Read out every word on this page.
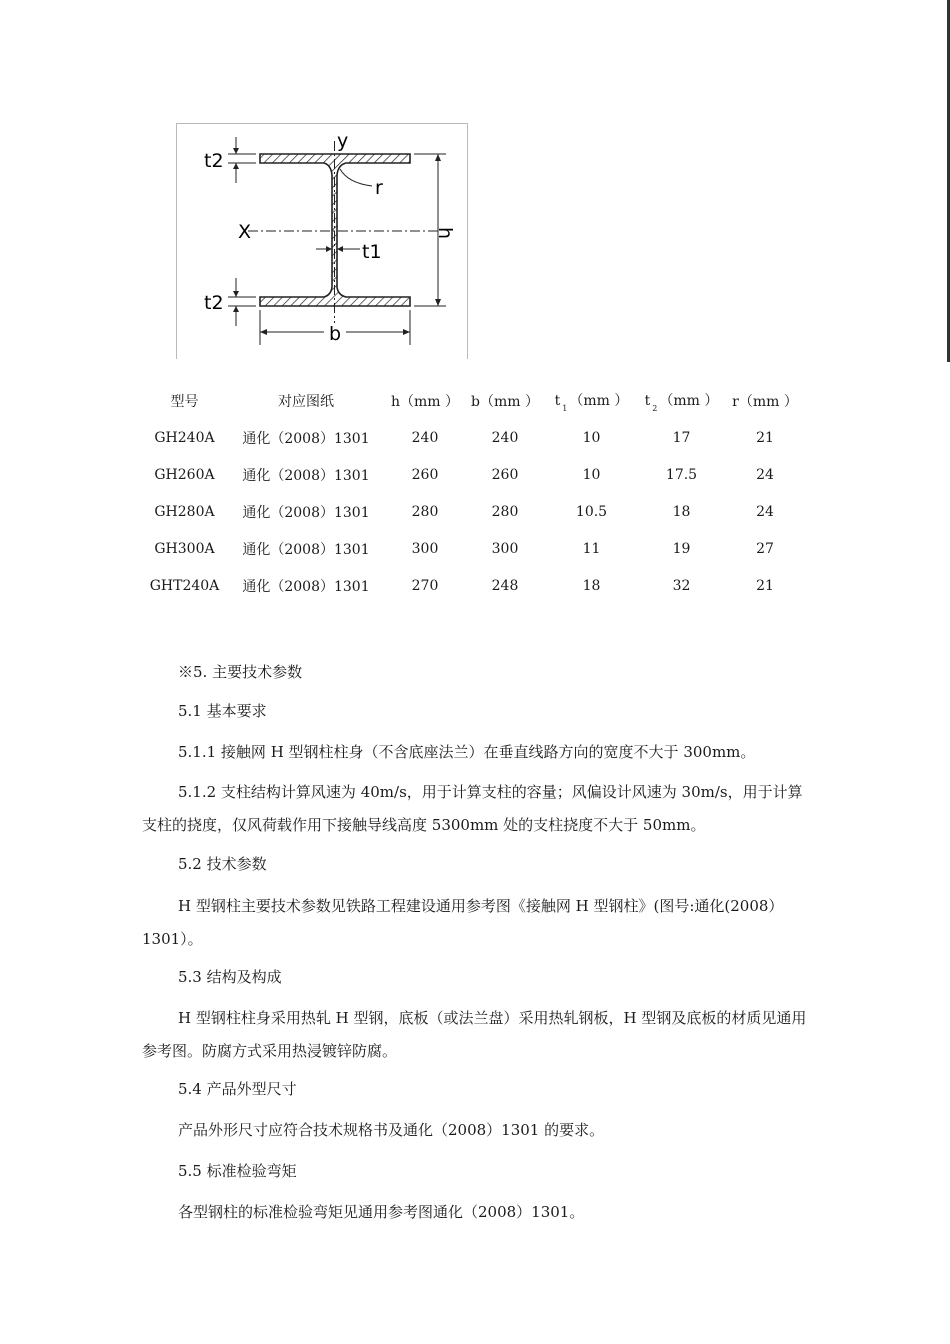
t2
y
r
X
t1
h
t2
b
型号	对应图纸	h（mm ）	b（mm ）	t $_1$ （mm ）	t $_2$ （mm ）	r（mm ）
GH240A	通化（2008）1301	240	240	10	17	21
GH260A	通化（2008）1301	260	260	10	17.5	24
GH280A	通化（2008）1301	280	280	10.5	18	24
GH300A	通化（2008）1301	300	300	11	19	27
GHT240A	通化（2008）1301	270	248	18	32	21

※5. 主要技术参数

5.1 基本要求

5.1.1 接触网 H 型钢柱柱身（不含底座法兰）在垂直线路方向的宽度不大于 300mm。

5.1.2 支柱结构计算风速为 40m/s，用于计算支柱的容量；风偏设计风速为 30m/s，用于计算支柱的挠度，仅风荷载作用下接触导线高度 5300mm 处的支柱挠度不大于 50mm。

5.2 技术参数

H 型钢柱主要技术参数见铁路工程建设通用参考图《接触网 H 型钢柱》(图号:通化(2008）1301）。

5.3 结构及构成

H 型钢柱柱身采用热轧 H 型钢，底板（或法兰盘）采用热轧钢板，H 型钢及底板的材质见通用参考图。防腐方式采用热浸镀锌防腐。

5.4 产品外型尺寸

产品外形尺寸应符合技术规格书及通化（2008）1301 的要求。

5.5 标准检验弯矩

各型钢柱的标准检验弯矩见通用参考图通化（2008）1301。
